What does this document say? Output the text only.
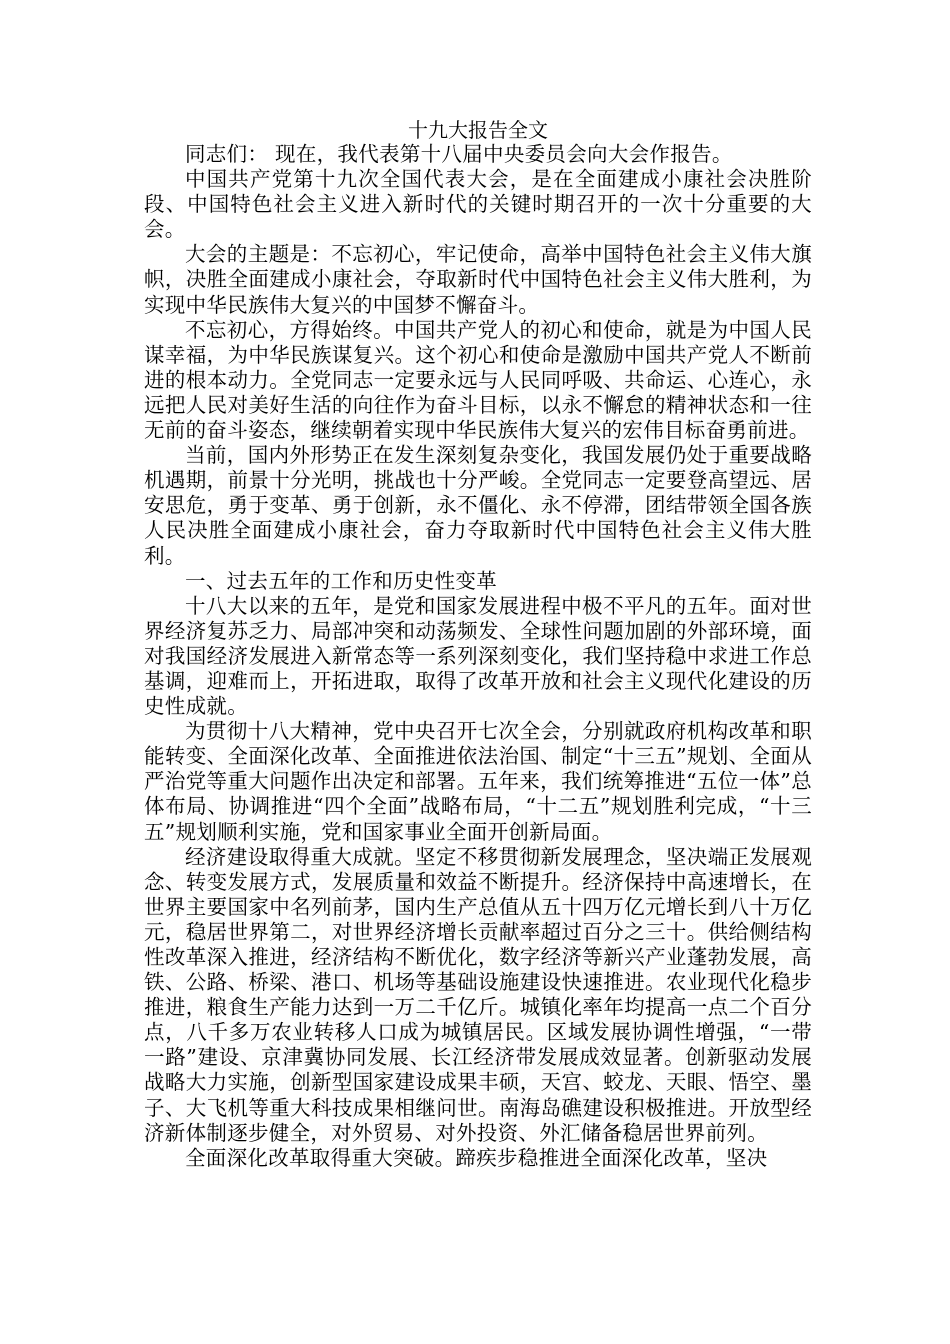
十九大报告全文

同志们： 现在，我代表第十八届中央委员会向大会作报告。

中国共产党第十九次全国代表大会，是在全面建成小康社会决胜阶段、中国特色社会主义进入新时代的关键时期召开的一次十分重要的大会。

大会的主题是：不忘初心，牢记使命，高举中国特色社会主义伟大旗帜，决胜全面建成小康社会，夺取新时代中国特色社会主义伟大胜利，为实现中华民族伟大复兴的中国梦不懈奋斗。

不忘初心，方得始终。中国共产党人的初心和使命，就是为中国人民谋幸福，为中华民族谋复兴。这个初心和使命是激励中国共产党人不断前进的根本动力。全党同志一定要永远与人民同呼吸、共命运、心连心，永远把人民对美好生活的向往作为奋斗目标，以永不懈怠的精神状态和一往无前的奋斗姿态，继续朝着实现中华民族伟大复兴的宏伟目标奋勇前进。

当前，国内外形势正在发生深刻复杂变化，我国发展仍处于重要战略机遇期，前景十分光明，挑战也十分严峻。全党同志一定要登高望远、居安思危，勇于变革、勇于创新，永不僵化、永不停滞，团结带领全国各族人民决胜全面建成小康社会，奋力夺取新时代中国特色社会主义伟大胜利。

一、过去五年的工作和历史性变革

十八大以来的五年，是党和国家发展进程中极不平凡的五年。面对世界经济复苏乏力、局部冲突和动荡频发、全球性问题加剧的外部环境，面对我国经济发展进入新常态等一系列深刻变化，我们坚持稳中求进工作总基调，迎难而上，开拓进取，取得了改革开放和社会主义现代化建设的历史性成就。

为贯彻十八大精神，党中央召开七次全会，分别就政府机构改革和职能转变、全面深化改革、全面推进依法治国、制定“十三五”规划、全面从严治党等重大问题作出决定和部署。五年来，我们统筹推进“五位一体”总体布局、协调推进“四个全面”战略布局，“十二五”规划胜利完成，“十三五”规划顺利实施，党和国家事业全面开创新局面。

经济建设取得重大成就。坚定不移贯彻新发展理念，坚决端正发展观念、转变发展方式，发展质量和效益不断提升。经济保持中高速增长，在世界主要国家中名列前茅，国内生产总值从五十四万亿元增长到八十万亿元，稳居世界第二，对世界经济增长贡献率超过百分之三十。供给侧结构性改革深入推进，经济结构不断优化，数字经济等新兴产业蓬勃发展，高铁、公路、桥梁、港口、机场等基础设施建设快速推进。农业现代化稳步推进，粮食生产能力达到一万二千亿斤。城镇化率年均提高一点二个百分点，八千多万农业转移人口成为城镇居民。区域发展协调性增强，“一带一路”建设、京津冀协同发展、长江经济带发展成效显著。创新驱动发展战略大力实施，创新型国家建设成果丰硕，天宫、蛟龙、天眼、悟空、墨子、大飞机等重大科技成果相继问世。南海岛礁建设积极推进。开放型经济新体制逐步健全，对外贸易、对外投资、外汇储备稳居世界前列。

全面深化改革取得重大突破。蹄疾步稳推进全面深化改革，坚决
